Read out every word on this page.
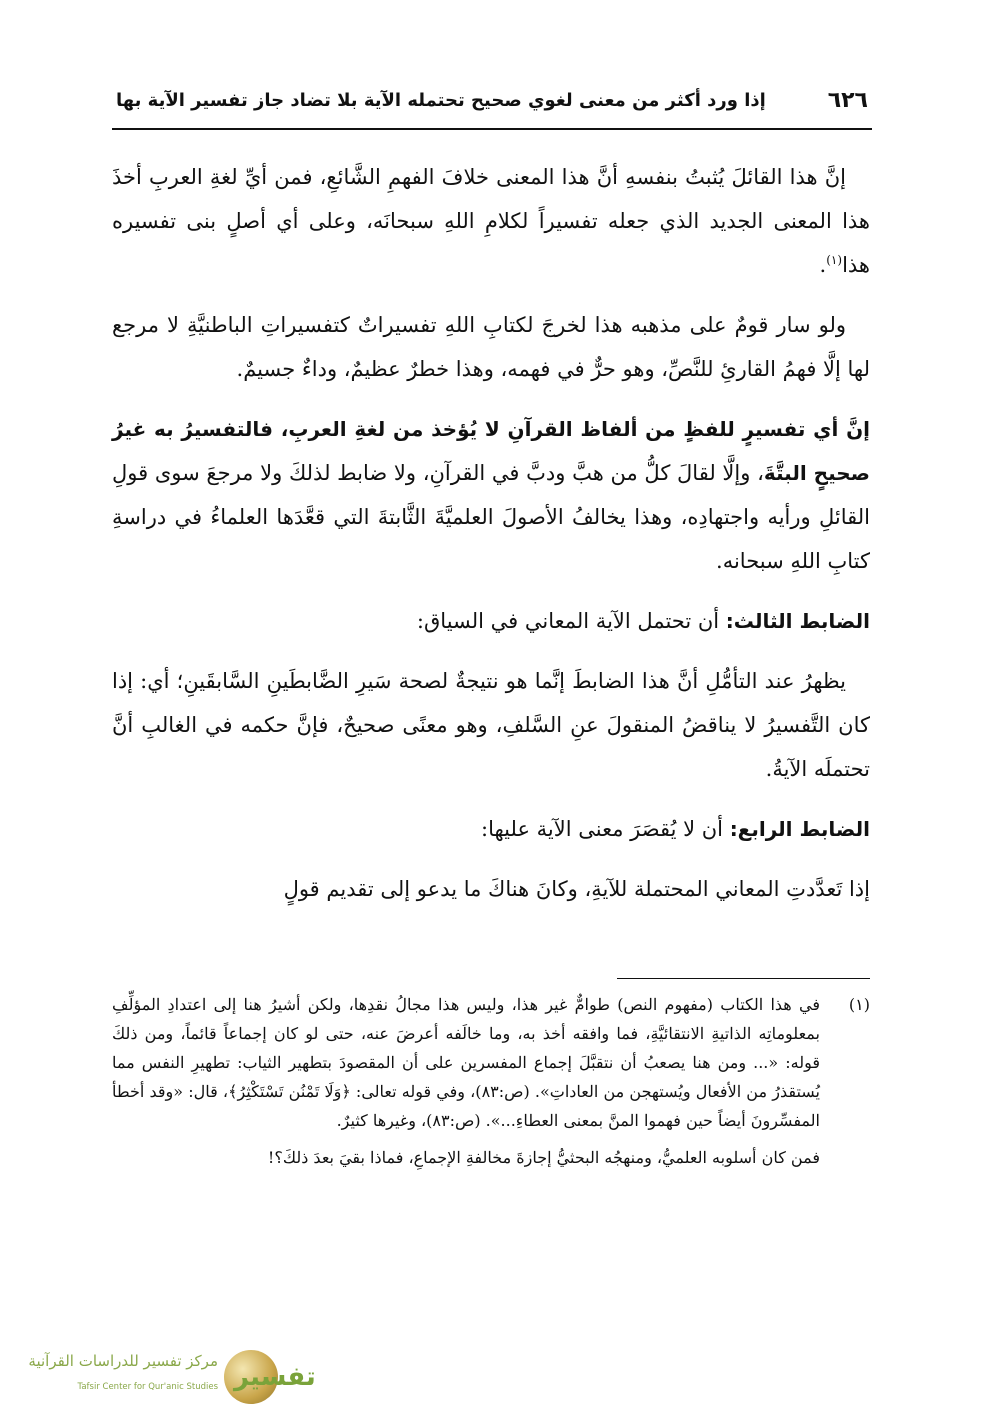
٦٢٦
إذا ورد أكثر من معنى لغوي صحيح تحتمله الآية بلا تضاد جاز تفسير الآية بها

إنَّ هذا القائلَ يُثبتُ بنفسهِ أنَّ هذا المعنى خلافَ الفهمِ الشَّائعِ، فمن أيِّ لغةِ العربِ أخذَ هذا المعنى الجديد الذي جعله تفسيراً لكلامِ اللهِ سبحانَه، وعلى أي أصلٍ بنى تفسيره هذا$^{(١)}$.

ولو سار قومٌ على مذهبه هذا لخرجَ لكتابِ اللهِ تفسيراتٌ كتفسيراتِ الباطنيَّةِ لا مرجع لها إلَّا فهمُ القارئِ للنَّصِّ، وهو حرٌّ في فهمه، وهذا خطرٌ عظيمٌ، وداءٌ جسيمٌ.

إنَّ أي تفسيرٍ للفظٍ من ألفاظ القرآنِ لا يُؤخذ من لغةِ العربِ، فالتفسيرُ به غيرُ صحيحٍ البتَّةَ، وإلَّا لقالَ كلُّ من هبَّ ودبَّ في القرآنِ، ولا ضابط لذلكَ ولا مرجعَ سوى قولِ القائلِ ورأيه واجتهادِه، وهذا يخالفُ الأصولَ العلميَّةَ الثَّابتةَ التي قعَّدَها العلماءُ في دراسةِ كتابِ اللهِ سبحانه.

الضابط الثالث: أن تحتمل الآية المعاني في السياق:

يظهرُ عند التأمُّلِ أنَّ هذا الضابطَ إنَّما هو نتيجةٌ لصحة سَيرِ الضَّابطَينِ السَّابقَينِ؛ أي: إذا كان التَّفسيرُ لا يناقضُ المنقولَ عنِ السَّلفِ، وهو معنًى صحيحٌ، فإنَّ حكمه في الغالبِ أنَّ تحتملَه الآيةُ.

الضابط الرابع: أن لا يُقصَرَ معنى الآية عليها:

إذا تَعدَّدتِ المعاني المحتملة للآيةِ، وكانَ هناكَ ما يدعو إلى تقديم قولٍ

(١)

في هذا الكتاب (مفهوم النص) طوامٌّ غير هذا، وليس هذا مجالُ نقدِها، ولكن أشيرُ هنا إلى اعتدادِ المؤلِّفِ بمعلوماتِه الذاتيةِ الانتقائيَّةِ، فما وافقه أخذ به، وما خالَفه أعرضَ عنه، حتى لو كان إجماعاً قائماً، ومن ذلكَ قوله: «... ومن هنا يصعبُ أن نتقبَّلَ إجماع المفسرين على أن المقصودَ بتطهير الثياب: تطهيرِ النفس مما يُستقذرُ من الأفعال ويُستهجن من العاداتِ». (ص:٨٣)، وفي قوله تعالى: ﴿وَلَا تَمْنُن تَسْتَكْثِرُ﴾، قال: «وقد أخطأ المفسِّرونَ أيضاً حين فهموا المنَّ بمعنى العطاءِ...». (ص:٨٣)، وغيرها كثيرٌ.

فمن كان أسلوبه العلميُّ، ومنهجُه البحثيُّ إجازةَ مخالفةِ الإجماعِ، فماذا بقيَ بعدَ ذلكَ؟!

تفسير
مركز تفسير للدراسات القرآنية
Tafsir Center for Qur'anic Studies
